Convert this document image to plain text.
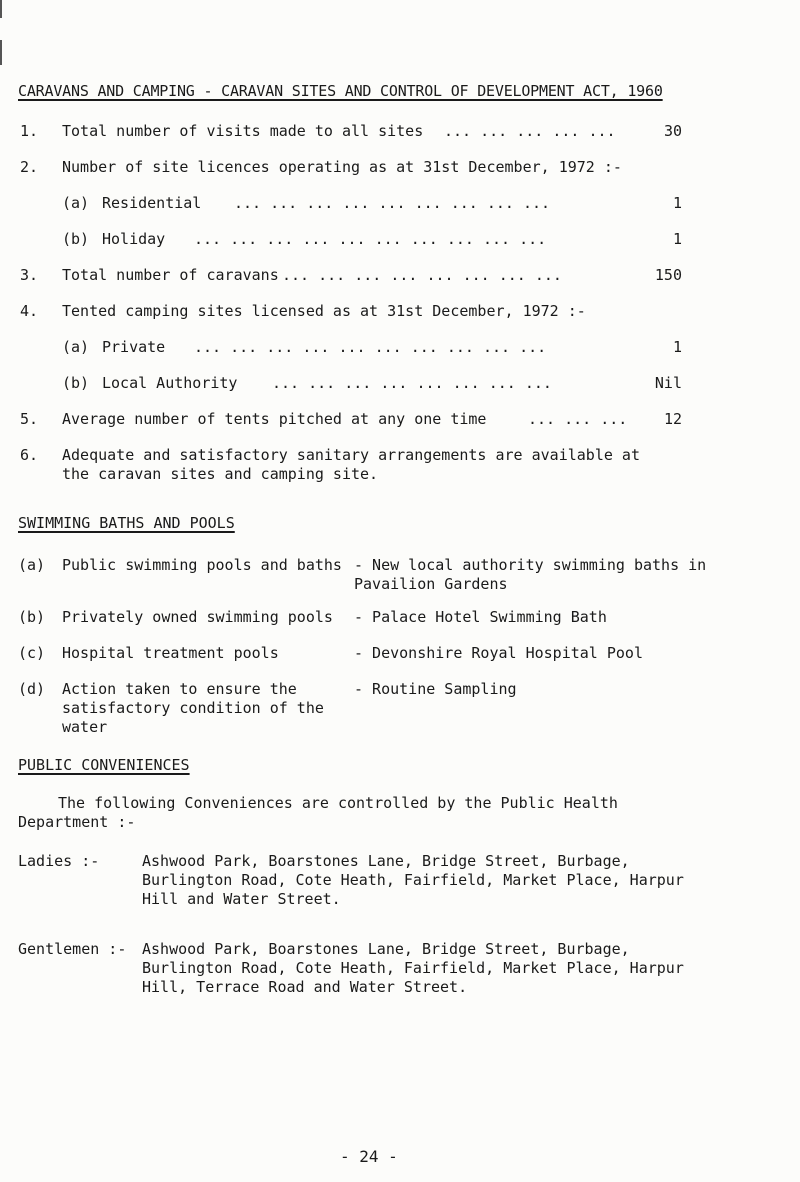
CARAVANS AND CAMPING - CARAVAN SITES AND CONTROL OF DEVELOPMENT ACT, 1960
1. Total number of visits made to all sites ... ... ... ... ...	30
2. Number of site licences operating as at 31st December, 1972 :-
(a) Residential ... ... ... ... ... ... ... ... ...	1
(b) Holiday ... ... ... ... ... ... ... ... ... ...	1
3. Total number of caravans ... ... ... ... ... ... ... ...	150
4. Tented camping sites licensed as at 31st December, 1972 :-
(a) Private ... ... ... ... ... ... ... ... ... ...	1
(b) Local Authority ... ... ... ... ... ... ... ...	Nil
5. Average number of tents pitched at any one time	... ... ...	12
6. Adequate and satisfactory sanitary arrangements are available at the caravan sites and camping site.
SWIMMING BATHS AND POOLS
(a) Public swimming pools and baths - New local authority swimming baths in Pavailion Gardens
(b) Privately owned swimming pools - Palace Hotel Swimming Bath
(c) Hospital treatment pools	- Devonshire Royal Hospital Pool
(d) Action taken to ensure the satisfactory condition of the water
- Routine Sampling
PUBLIC CONVENIENCES
The following Conveniences are controlled by the Public Health Department :-
Ladies :-	Ashwood Park, Boarstones Lane, Bridge Street, Burbage, Burlington Road, Cote Heath, Fairfield, Market Place, Harpur Hill and Water Street.
Gentlemen :- Ashwood Park, Boarstones Lane, Bridge Street, Burbage, Burlington Road, Cote Heath, Fairfield, Market Place, Harpur Hill, Terrace Road and Water Street.
- 24 -
